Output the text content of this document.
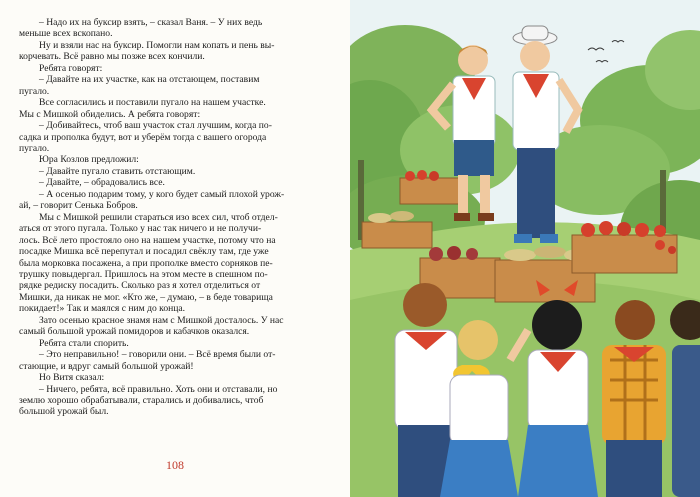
– Надо их на буксир взять, – сказал Ваня. – У них ведь

меньше всех вскопано.

Ну и взяли нас на буксир. Помогли нам копать и пень вы-

корчевать. Всё равно мы позже всех кончили.

Ребята говорят:

– Давайте на их участке, как на отстающем, поставим

пугало.

Все согласились и поставили пугало на нашем участке.

Мы с Мишкой обиделись. А ребята говорят:

– Добивайтесь, чтоб ваш участок стал лучшим, когда по-

садка и прополка будут, вот и уберём тогда с вашего огорода

пугало.

Юра Козлов предложил:

– Давайте пугало ставить отстающим.

– Давайте, – обрадовались все.

– А осенью подарим тому, у кого будет самый плохой урож-

ай, – говорит Сенька Бобров.

Мы с Мишкой решили стараться изо всех сил, чтоб отдел-

аться от этого пугала. Только у нас так ничего и не получи-

лось. Всё лето простояло оно на нашем участке, потому что на

посадке Мишка всё перепутал и посадил свёклу там, где уже

была морковка посажена, а при прополке вместо сорняков пе-

трушку повыдергал. Пришлось на этом месте в спешном по-

рядке редиску посадить. Сколько раз я хотел отделиться от

Мишки, да никак не мог. «Кто же, – думаю, – в беде товарища

покидает!» Так и маялся с ним до конца.

Зато осенью красное знамя нам с Мишкой досталось. У нас

самый большой урожай помидоров и кабачков оказался.

Ребята стали спорить.

– Это неправильно! – говорили они. – Всё время были от-

стающие, и вдруг самый большой урожай!

Но Витя сказал:

– Ничего, ребята, всё правильно. Хоть они и отставали, но

землю хорошо обрабатывали, старались и добивались, чтоб

большой урожай был.

108
